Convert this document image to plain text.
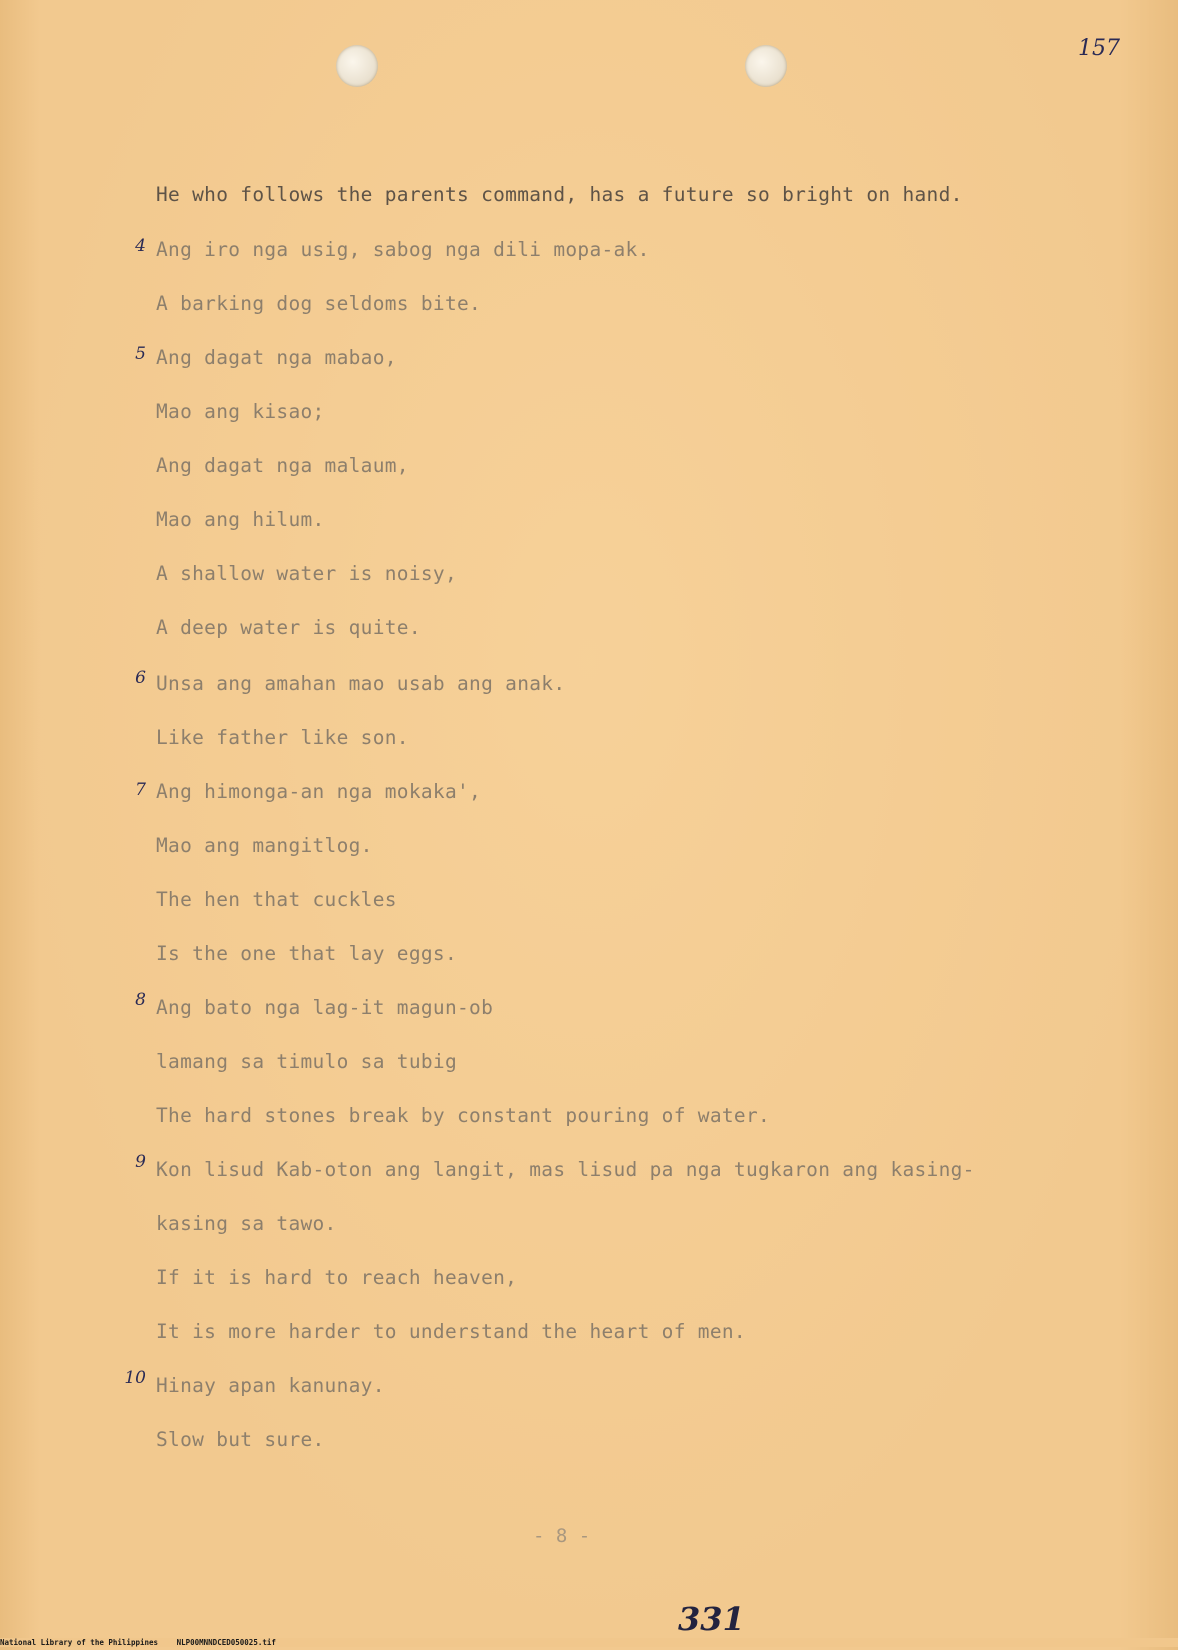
157
He who follows the parents command, has a future so bright on hand.
Ang iro nga usig, sabog nga dili mopa-ak.
A barking dog seldoms bite.
Ang dagat nga mabao,
Mao ang kisao;
Ang dagat nga malaum,
Mao ang hilum.
A shallow water is noisy,
A deep water is quite.
Unsa ang amahan mao usab ang anak.
Like father like son.
Ang himonga-an nga mokaka',
Mao ang mangitlog.
The hen that cuckles
Is the one that lay eggs.
Ang bato nga lag-it magun-ob
lamang sa timulo sa tubig
The hard stones break by constant pouring of water.
Kon lisud Kab-oton ang langit, mas lisud pa nga tugkaron ang kasing-
kasing sa tawo.
If it is hard to reach heaven,
It is more harder to understand the heart of men.
Hinay apan kanunay.
Slow but sure.
4
5
6
7
8
9
10
- 8 -
331
National Library of the Philippines NLP00MNNDCED050025.tif
